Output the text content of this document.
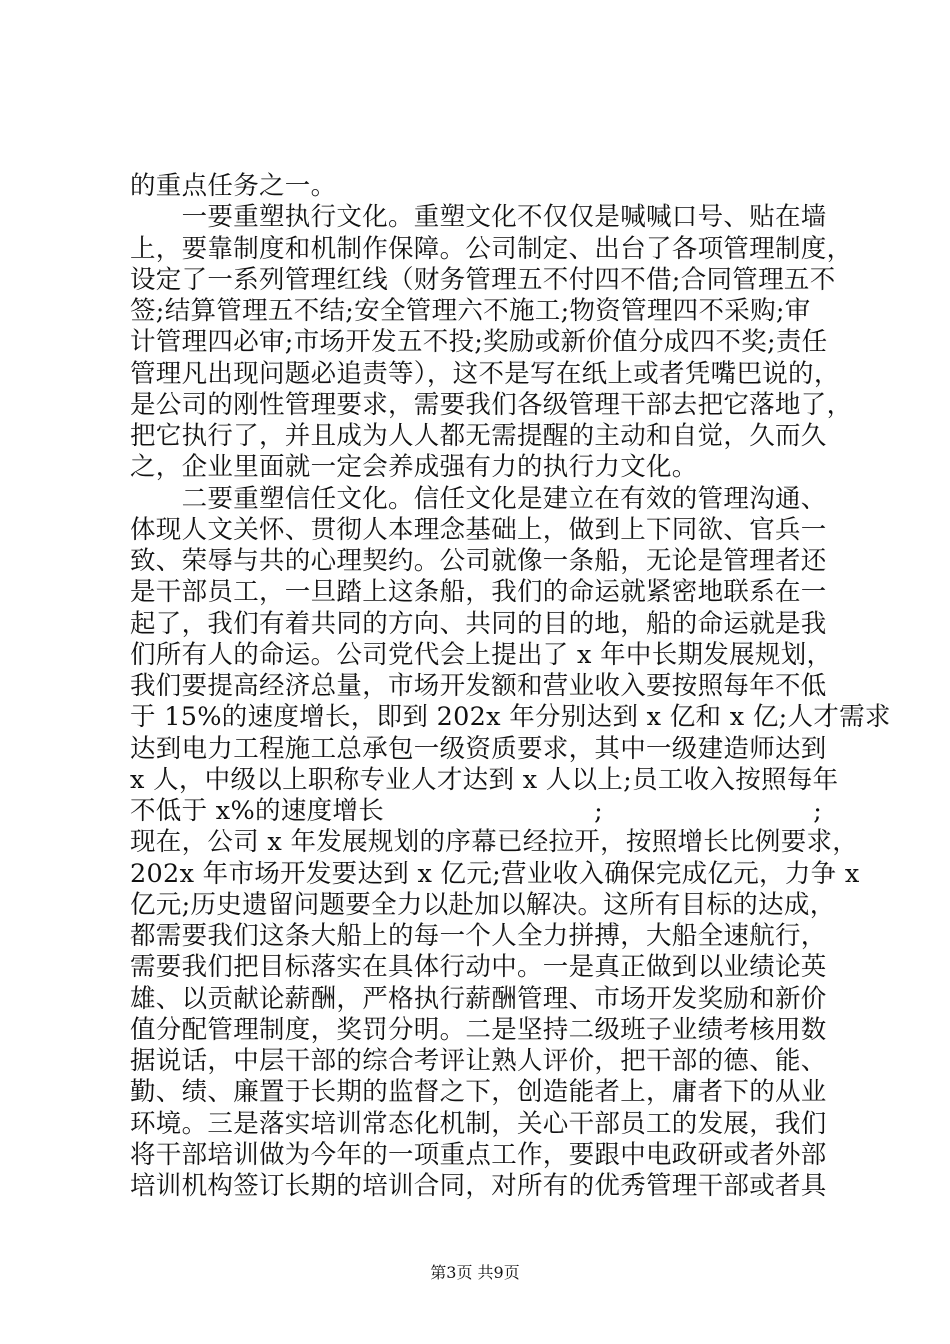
的重点任务之一。
　　一要重塑执行文化。重塑文化不仅仅是喊喊口号、贴在墙
上，要靠制度和机制作保障。公司制定、出台了各项管理制度，
设定了一系列管理红线（财务管理五不付四不借;合同管理五不
签;结算管理五不结;安全管理六不施工;物资管理四不采购;审
计管理四必审;市场开发五不投;奖励或新价值分成四不奖;责任
管理凡出现问题必追责等），这不是写在纸上或者凭嘴巴说的，
是公司的刚性管理要求，需要我们各级管理干部去把它落地了，
把它执行了，并且成为人人都无需提醒的主动和自觉，久而久
之，企业里面就一定会养成强有力的执行力文化。
　　二要重塑信任文化。信任文化是建立在有效的管理沟通、
体现人文关怀、贯彻人本理念基础上，做到上下同欲、官兵一
致、荣辱与共的心理契约。公司就像一条船，无论是管理者还
是干部员工，一旦踏上这条船，我们的命运就紧密地联系在一
起了，我们有着共同的方向、共同的目的地，船的命运就是我
们所有人的命运。公司党代会上提出了 x 年中长期发展规划，
我们要提高经济总量，市场开发额和营业收入要按照每年不低
于 15%的速度增长，即到 202x 年分别达到 x 亿和 x 亿;人才需求
达到电力工程施工总承包一级资质要求，其中一级建造师达到
x 人，中级以上职称专业人才达到 x 人以上;员工收入按照每年
不低于 x%的速度增长                         ;                         ;
现在，公司 x 年发展规划的序幕已经拉开，按照增长比例要求，
202x 年市场开发要达到 x 亿元;营业收入确保完成亿元，力争 x
亿元;历史遗留问题要全力以赴加以解决。这所有目标的达成，
都需要我们这条大船上的每一个人全力拼搏，大船全速航行，
需要我们把目标落实在具体行动中。一是真正做到以业绩论英
雄、以贡献论薪酬，严格执行薪酬管理、市场开发奖励和新价
值分配管理制度，奖罚分明。二是坚持二级班子业绩考核用数
据说话，中层干部的综合考评让熟人评价，把干部的德、能、
勤、绩、廉置于长期的监督之下，创造能者上，庸者下的从业
环境。三是落实培训常态化机制，关心干部员工的发展，我们
将干部培训做为今年的一项重点工作，要跟中电政研或者外部
培训机构签订长期的培训合同，对所有的优秀管理干部或者具
第3页 共9页
